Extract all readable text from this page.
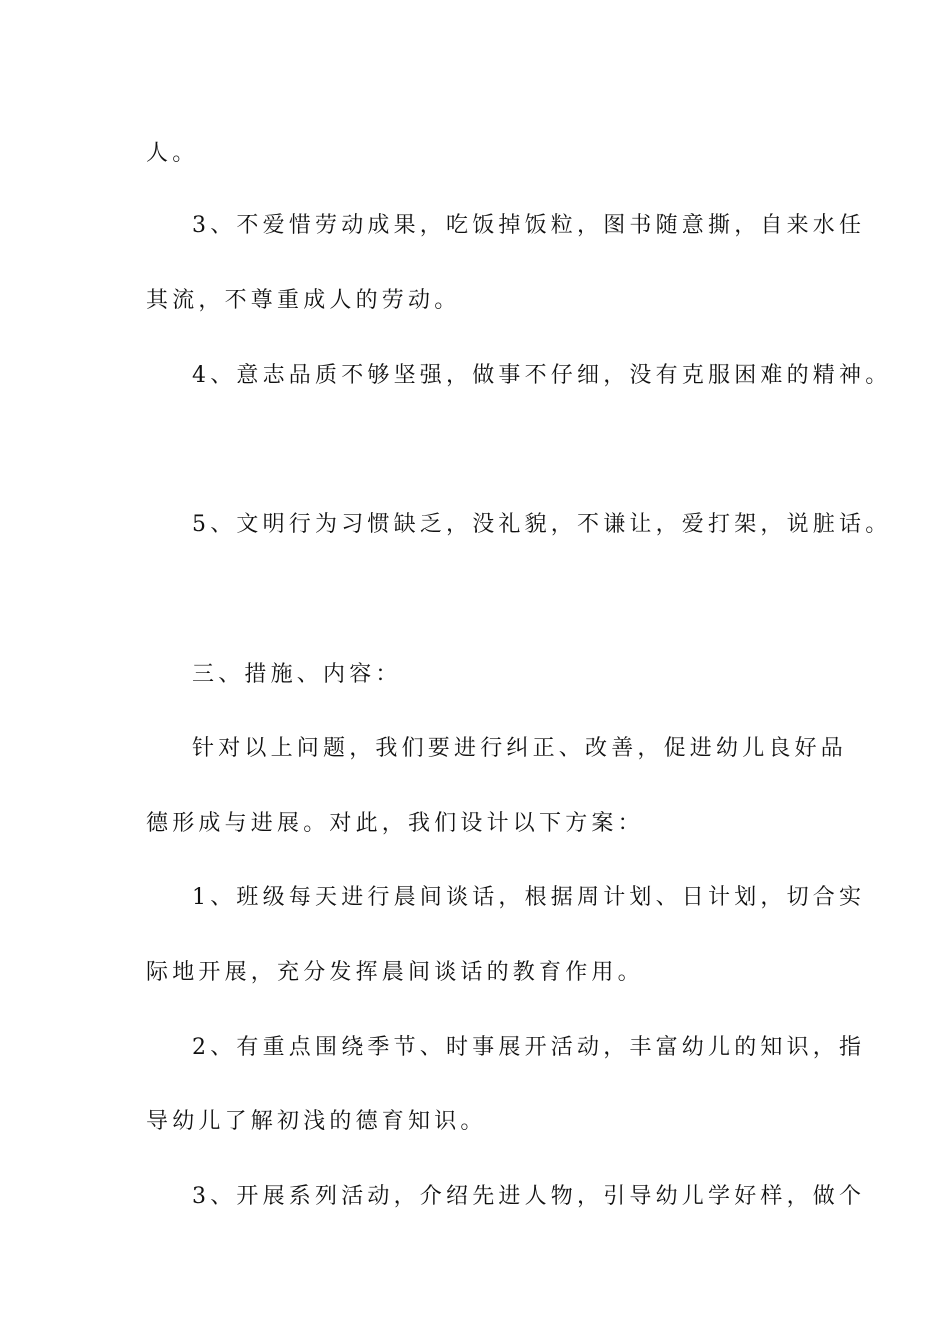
人。
3、不爱惜劳动成果，吃饭掉饭粒，图书随意撕，自来水任
其流，不尊重成人的劳动。
4、意志品质不够坚强，做事不仔细，没有克服困难的精神。
5、文明行为习惯缺乏，没礼貌，不谦让，爱打架，说脏话。
三、措施、内容：
针对以上问题，我们要进行纠正、改善，促进幼儿良好品
德形成与进展。对此，我们设计以下方案：
1、班级每天进行晨间谈话，根据周计划、日计划，切合实
际地开展，充分发挥晨间谈话的教育作用。
2、有重点围绕季节、时事展开活动，丰富幼儿的知识，指
导幼儿了解初浅的德育知识。
3、开展系列活动，介绍先进人物，引导幼儿学好样，做个
